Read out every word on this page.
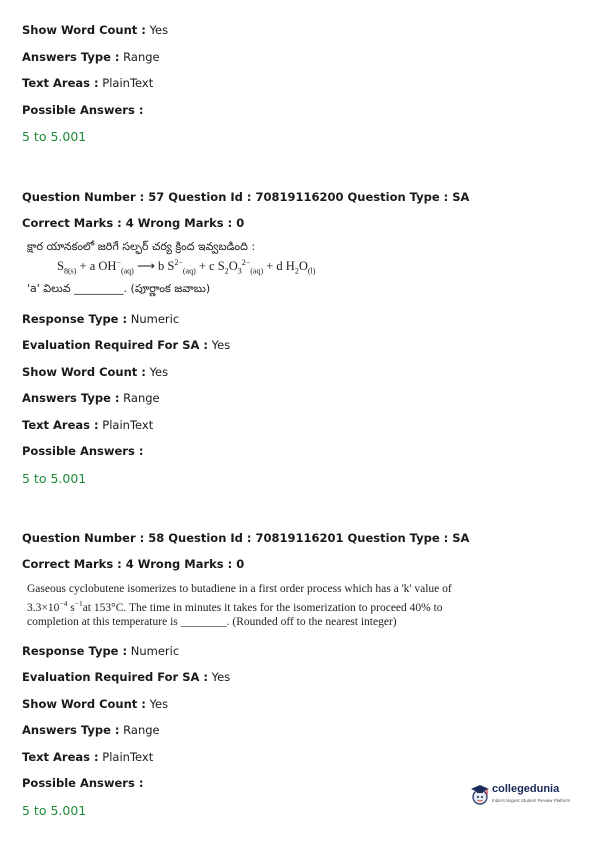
Show Word Count : Yes
Answers Type : Range
Text Areas : PlainText
Possible Answers :
5 to 5.001
Question Number : 57 Question Id : 70819116200 Question Type : SA
Correct Marks : 4 Wrong Marks : 0
క్షార యానకంలో జరిగే సల్ఫర్ చర్య క్రింద ఇవ్వబడింది :
$S_{8(s)} + a$ $OH^-_{(aq)}$ ⟶ b $S^{2-}_{(aq)} + c$ $S_2O_3^{2-}_{(aq)} + d$ $H_2O_{(l)}$
'a' విలువ _________. (పూర్ణాంక జవాబు)
Response Type : Numeric
Evaluation Required For SA : Yes
Show Word Count : Yes
Answers Type : Range
Text Areas : PlainText
Possible Answers :
5 to 5.001
Question Number : 58 Question Id : 70819116201 Question Type : SA
Correct Marks : 4 Wrong Marks : 0
Gaseous cyclobutene isomerizes to butadiene in a first order process which has a 'k' value of
$3.3\times 10^{-4}$ $s^{-1}at$ 153°C. The time in minutes it takes for the isomerization to proceed 40% to
completion at this temperature is ________. (Rounded off to the nearest integer)
Response Type : Numeric
Evaluation Required For SA : Yes
Show Word Count : Yes
Answers Type : Range
Text Areas : PlainText
Possible Answers :
5 to 5.001
collegedunia
India's largest Student Review Platform
